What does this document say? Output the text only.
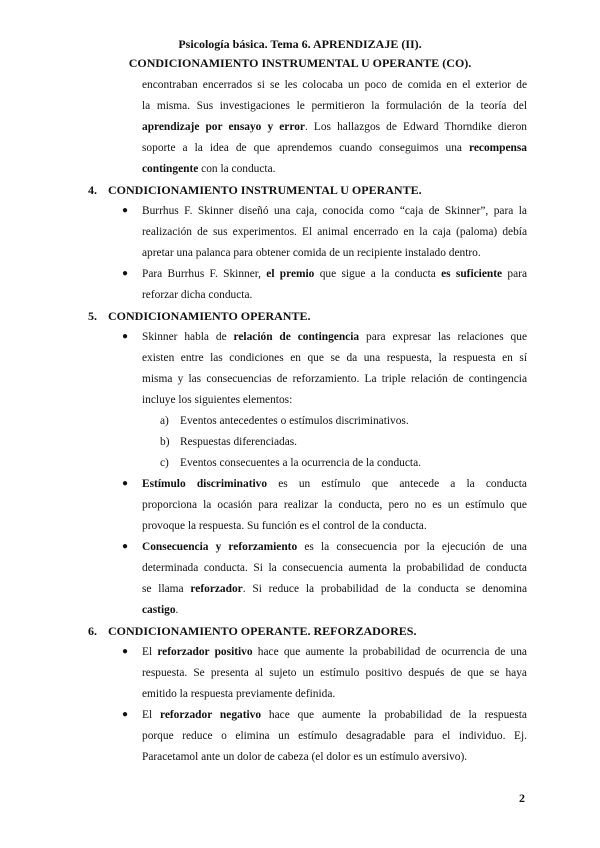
Psicología básica. Tema 6. APRENDIZAJE (II).
CONDICIONAMIENTO INSTRUMENTAL U OPERANTE (CO).
encontraban encerrados si se les colocaba un poco de comida en el exterior de
la misma. Sus investigaciones le permitieron la formulación de la teoría del
aprendizaje por ensayo y error. Los hallazgos de Edward Thorndike dieron
soporte a la idea de que aprendemos cuando conseguimos una recompensa
contingente con la conducta.
4. CONDICIONAMIENTO INSTRUMENTAL U OPERANTE.
● Burrhus F. Skinner diseñó una caja, conocida como “caja de Skinner”, para la
realización de sus experimentos. El animal encerrado en la caja (paloma) debía
apretar una palanca para obtener comida de un recipiente instalado dentro.
● Para Burrhus F. Skinner, el premio que sigue a la conducta es suficiente para
reforzar dicha conducta.
5. CONDICIONAMIENTO OPERANTE.
● Skinner habla de relación de contingencia para expresar las relaciones que
existen entre las condiciones en que se da una respuesta, la respuesta en sí
misma y las consecuencias de reforzamiento. La triple relación de contingencia
incluye los siguientes elementos:
a) Eventos antecedentes o estímulos discriminativos.
b) Respuestas diferenciadas.
c) Eventos consecuentes a la ocurrencia de la conducta.
● Estímulo discriminativo es un estímulo que antecede a la conducta
proporciona la ocasión para realizar la conducta, pero no es un estímulo que
provoque la respuesta. Su función es el control de la conducta.
● Consecuencia y reforzamiento es la consecuencia por la ejecución de una
determinada conducta. Si la consecuencia aumenta la probabilidad de conducta
se llama reforzador. Si reduce la probabilidad de la conducta se denomina
castigo.
6. CONDICIONAMIENTO OPERANTE. REFORZADORES.
● El reforzador positivo hace que aumente la probabilidad de ocurrencia de una
respuesta. Se presenta al sujeto un estímulo positivo después de que se haya
emitido la respuesta previamente definida.
● El reforzador negativo hace que aumente la probabilidad de la respuesta
porque reduce o elimina un estímulo desagradable para el individuo. Ej.
Paracetamol ante un dolor de cabeza (el dolor es un estímulo aversivo).
2
